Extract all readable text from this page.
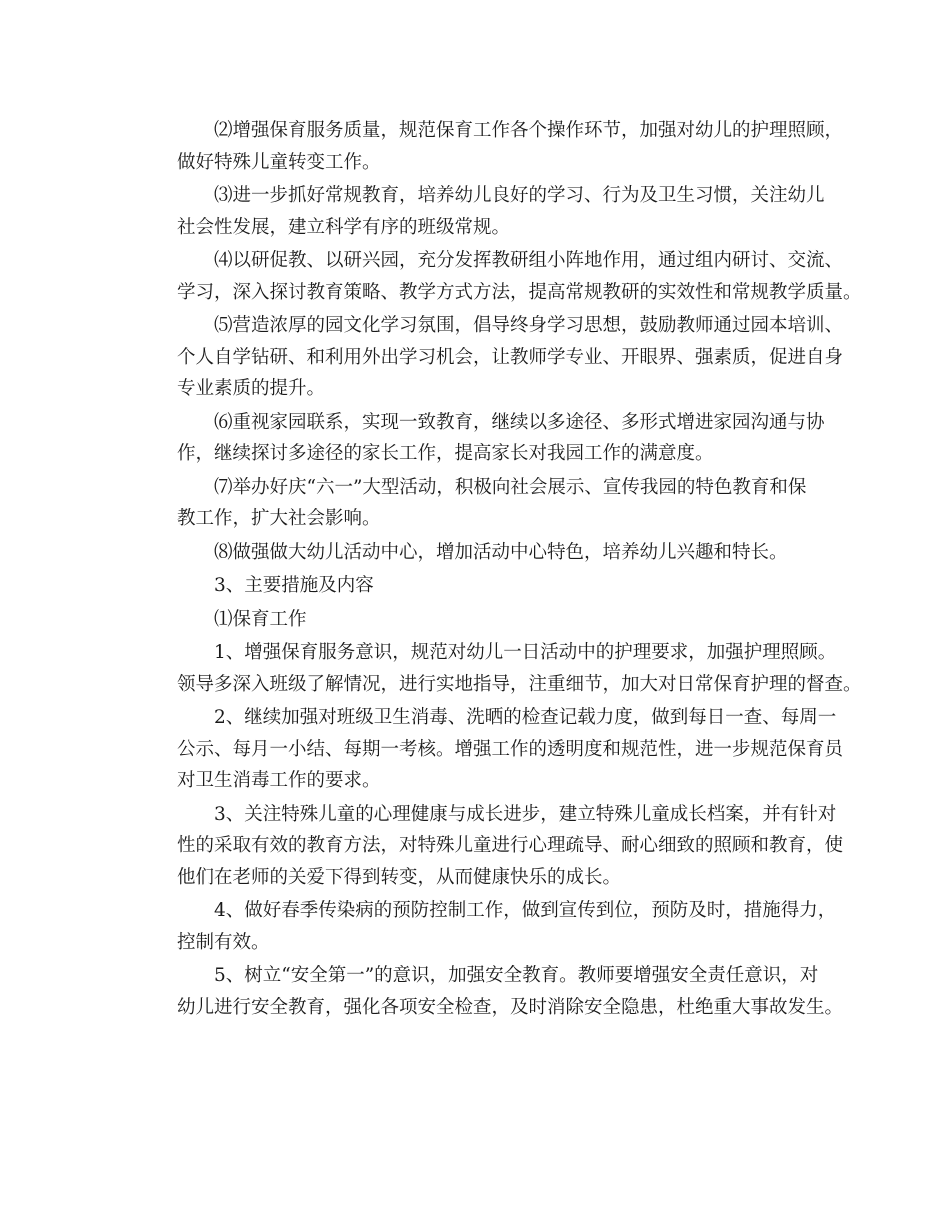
⑵增强保育服务质量，规范保育工作各个操作环节，加强对幼儿的护理照顾，
做好特殊儿童转变工作。
⑶进一步抓好常规教育，培养幼儿良好的学习、行为及卫生习惯，关注幼儿
社会性发展，建立科学有序的班级常规。
⑷以研促教、以研兴园，充分发挥教研组小阵地作用，通过组内研讨、交流、
学习，深入探讨教育策略、教学方式方法，提高常规教研的实效性和常规教学质量。
⑸营造浓厚的园文化学习氛围，倡导终身学习思想，鼓励教师通过园本培训、
个人自学钻研、和利用外出学习机会，让教师学专业、开眼界、强素质，促进自身
专业素质的提升。
⑹重视家园联系，实现一致教育，继续以多途径、多形式增进家园沟通与协
作，继续探讨多途径的家长工作，提高家长对我园工作的满意度。
⑺举办好庆“六一”大型活动，积极向社会展示、宣传我园的特色教育和保
教工作，扩大社会影响。
⑻做强做大幼儿活动中心，增加活动中心特色，培养幼儿兴趣和特长。
3、主要措施及内容
⑴保育工作
1、增强保育服务意识，规范对幼儿一日活动中的护理要求，加强护理照顾。
领导多深入班级了解情况，进行实地指导，注重细节，加大对日常保育护理的督查。
2、继续加强对班级卫生消毒、洗晒的检查记载力度，做到每日一查、每周一
公示、每月一小结、每期一考核。增强工作的透明度和规范性，进一步规范保育员
对卫生消毒工作的要求。
3、关注特殊儿童的心理健康与成长进步，建立特殊儿童成长档案，并有针对
性的采取有效的教育方法，对特殊儿童进行心理疏导、耐心细致的照顾和教育，使
他们在老师的关爱下得到转变，从而健康快乐的成长。
4、做好春季传染病的预防控制工作，做到宣传到位，预防及时，措施得力，
控制有效。
5、树立“安全第一”的意识，加强安全教育。教师要增强安全责任意识，对
幼儿进行安全教育，强化各项安全检查，及时消除安全隐患，杜绝重大事故发生。
